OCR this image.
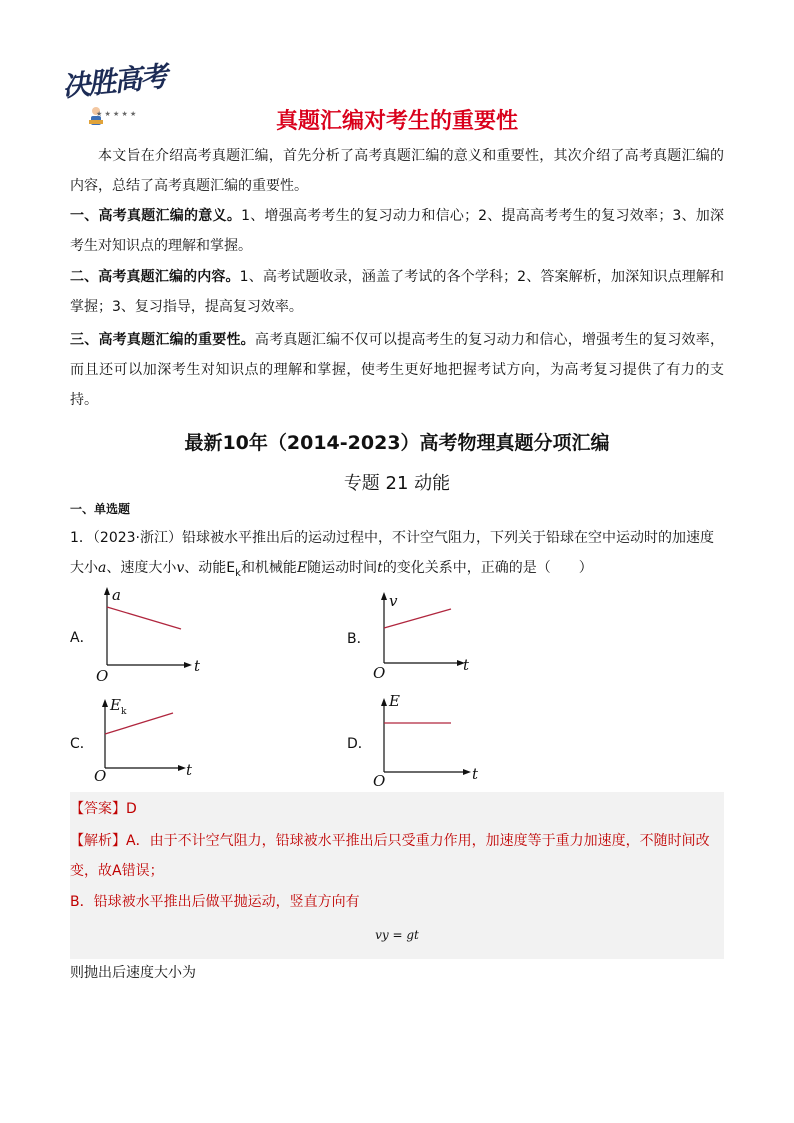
决胜高考
★ ★ ★ ★ ★	真题汇编对考生的重要性

本文旨在介绍高考真题汇编，首先分析了高考真题汇编的意义和重要性，其次介绍了高考真题汇编的内容，总结了高考真题汇编的重要性。

一、高考真题汇编的意义。1、增强高考考生的复习动力和信心；2、提高高考考生的复习效率；3、加深考生对知识点的理解和掌握。

二、高考真题汇编的内容。1、高考试题收录，涵盖了考试的各个学科；2、答案解析，加深知识点理解和掌握；3、复习指导，提高复习效率。

三、高考真题汇编的重要性。高考真题汇编不仅可以提高考生的复习动力和信心，增强考生的复习效率，而且还可以加深考生对知识点的理解和掌握，使考生更好地把握考试方向，为高考复习提供了有力的支持。

最新10年（2014-2023）高考物理真题分项汇编

专题 21 动能

一、单选题

1．（2023·浙江）铅球被水平推出后的运动过程中，不计空气阻力，下列关于铅球在空中运动时的加速度大小a、速度大小v、动能$E_k$和机械能E随运动时间t的变化关系中，正确的是（　　）

A．
a
t
O
B．
v
t
O
C．
E k
t
O
D．
E
t
O

【答案】D

【解析】A．由于不计空气阻力，铅球被水平推出后只受重力作用，加速度等于重力加速度，不随时间改变，故A错误；

B．铅球被水平推出后做平抛运动，竖直方向有

vy = gt

则抛出后速度大小为
